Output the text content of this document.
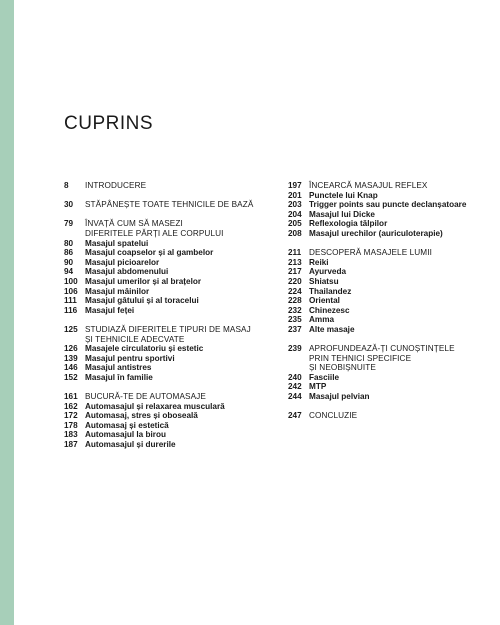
CUPRINS
8	INTRODUCERE
30	STĂPÂNEȘTE TOATE TEHNICILE DE BAZĂ
79	ÎNVAȚĂ CUM SĂ MASEZI
DIFERITELE PĂRȚI ALE CORPULUI
80	Masajul spatelui
86	Masajul coapselor și al gambelor
90	Masajul picioarelor
94	Masajul abdomenului
100 Masajul umerilor și al brațelor
106 Masajul mâinilor
111	Masajul gâtului și al toracelui
116 Masajul feței
125 STUDIAZĂ DIFERITELE TIPURI DE MASAJ
ȘI TEHNICILE ADECVATE
126 Masajele circulatoriu și estetic
139 Masajul pentru sportivi
146 Masajul antistres
152 Masajul în familie
161 BUCURĂ-TE DE AUTOMASAJE
162 Automasajul și relaxarea musculară
172 Automasaj, stres și oboseală
178 Automasaj și estetică
183 Automasajul la birou
187 Automasajul și durerile
197 ÎNCEARCĂ MASAJUL REFLEX
201 Punctele lui Knap
203 Trigger points sau puncte declanșatoare
204 Masajul lui Dicke
205 Reflexologia tălpilor
208 Masajul urechilor (auriculoterapie)
211 DESCOPERĂ MASAJELE LUMII
213 Reiki
217 Ayurveda
220 Shiatsu
224 Thailandez
228 Oriental
232 Chinezesc
235 Amma
237 Alte masaje
239 APROFUNDEAZĂ-ȚI CUNOȘTINȚELE
PRIN TEHNICI SPECIFICE
ȘI NEOBIȘNUITE
240 Fasciile
242 MTP
244 Masajul pelvian
247 CONCLUZIE
